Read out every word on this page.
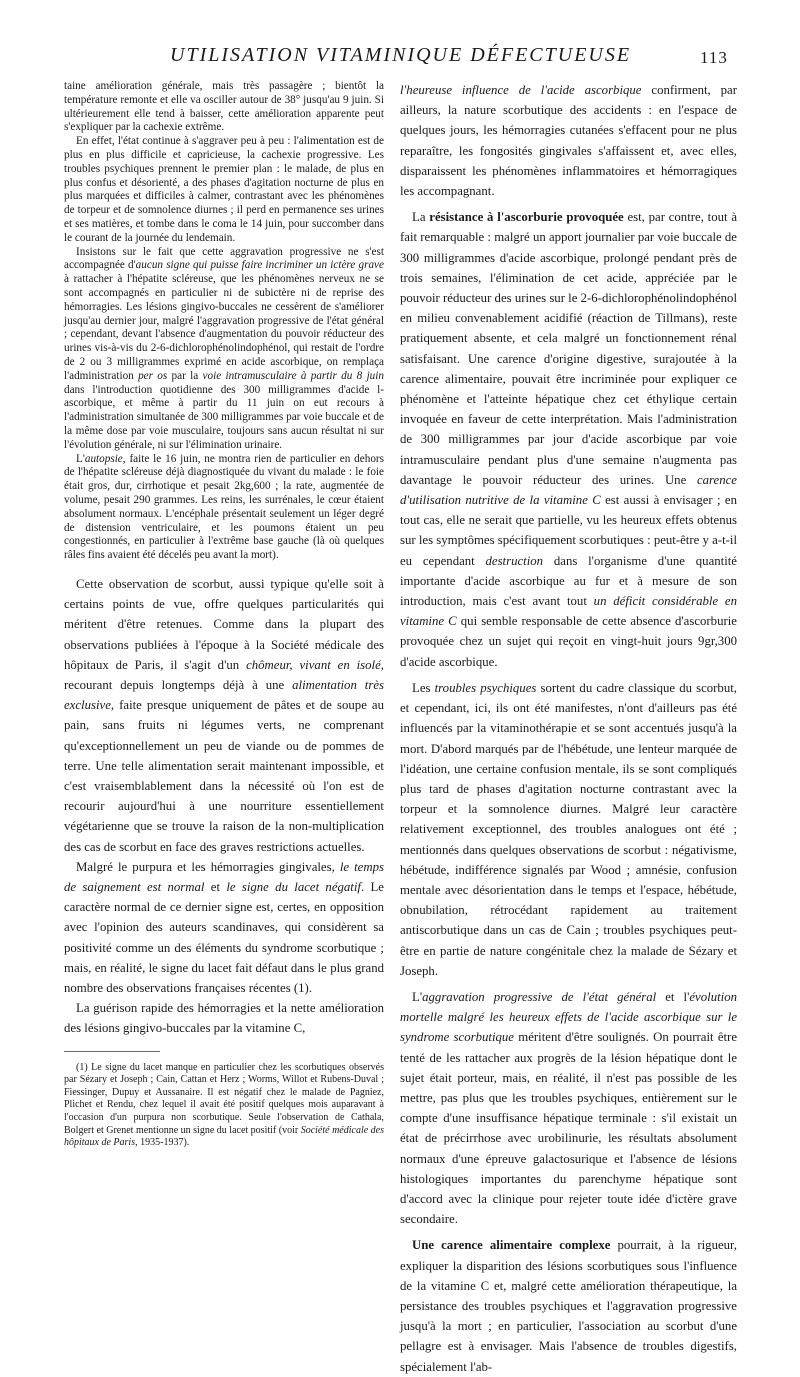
UTILISATION VITAMINIQUE DÉFECTUEUSE	113

taine amélioration générale, mais très passagère ; bientôt la température remonte et elle va osciller autour de 38° jusqu'au 9 juin. Si ultérieurement elle tend à baisser, cette amélioration apparente peut s'expliquer par la cachexie extrême.

En effet, l'état continue à s'aggraver peu à peu : l'alimentation est de plus en plus difficile et capricieuse, la cachexie progressive. Les troubles psychiques prennent le premier plan : le malade, de plus en plus confus et désorienté, a des phases d'agitation nocturne de plus en plus marquées et difficiles à calmer, contrastant avec les phénomènes de torpeur et de somnolence diurnes ; il perd en permanence ses urines et ses matières, et tombe dans le coma le 14 juin, pour succomber dans le courant de la journée du lendemain.

Insistons sur le fait que cette aggravation progressive ne s'est accompagnée d'aucun signe qui puisse faire incriminer un ictère grave à rattacher à l'hépatite scléreuse, que les phénomènes nerveux ne se sont accompagnés en particulier ni de subictère ni de reprise des hémorragies. Les lésions gingivo-buccales ne cessèrent de s'améliorer jusqu'au dernier jour, malgré l'aggravation progressive de l'état général ; cependant, devant l'absence d'augmentation du pouvoir réducteur des urines vis-à-vis du 2-6-dichlorophénolindophénol, qui restait de l'ordre de 2 ou 3 milligrammes exprimé en acide ascorbique, on remplaça l'administration per os par la voie intramusculaire à partir du 8 juin dans l'introduction quotidienne des 300 milligrammes d'acide l-ascorbique, et même à partir du 11 juin on eut recours à l'administration simultanée de 300 milligrammes par voie buccale et de la même dose par voie musculaire, toujours sans aucun résultat ni sur l'évolution générale, ni sur l'élimination urinaire.

L'autopsie, faite le 16 juin, ne montra rien de particulier en dehors de l'hépatite scléreuse déjà diagnostiquée du vivant du malade : le foie était gros, dur, cirrhotique et pesait 2kg,600 ; la rate, augmentée de volume, pesait 290 grammes. Les reins, les surrénales, le cœur étaient absolument normaux. L'encéphale présentait seulement un léger degré de distension ventriculaire, et les poumons étaient un peu congestionnés, en particulier à l'extrême base gauche (là où quelques râles fins avaient été décelés peu avant la mort).

Cette observation de scorbut, aussi typique qu'elle soit à certains points de vue, offre quelques particularités qui méritent d'être retenues. Comme dans la plupart des observations publiées à l'époque à la Société médicale des hôpitaux de Paris, il s'agit d'un chômeur, vivant en isolé, recourant depuis longtemps déjà à une alimentation très exclusive, faite presque uniquement de pâtes et de soupe au pain, sans fruits ni légumes verts, ne comprenant qu'exceptionnellement un peu de viande ou de pommes de terre. Une telle alimentation serait maintenant impossible, et c'est vraisemblablement dans la nécessité où l'on est de recourir aujourd'hui à une nourriture essentiellement végétarienne que se trouve la raison de la non-multiplication des cas de scorbut en face des graves restrictions actuelles.

Malgré le purpura et les hémorragies gingivales, le temps de saignement est normal et le signe du lacet négatif. Le caractère normal de ce dernier signe est, certes, en opposition avec l'opinion des auteurs scandinaves, qui considèrent sa positivité comme un des éléments du syndrome scorbutique ; mais, en réalité, le signe du lacet fait défaut dans le plus grand nombre des observations françaises récentes (1).

La guérison rapide des hémorragies et la nette amélioration des lésions gingivo-buccales par la vitamine C,

(1) Le signe du lacet manque en particulier chez les scorbutiques observés par Sézary et Joseph ; Cain, Cattan et Herz ; Worms, Willot et Rubens-Duval ; Fiessinger, Dupuy et Aussanaire. Il est négatif chez le malade de Pagniez, Plichet et Rendu, chez lequel il avait été positif quelques mois auparavant à l'occasion d'un purpura non scorbutique. Seule l'observation de Cathala, Bolgert et Grenet mentionne un signe du lacet positif (voir Société médicale des hôpitaux de Paris, 1935-1937).

l'heureuse influence de l'acide ascorbique confirment, par ailleurs, la nature scorbutique des accidents : en l'espace de quelques jours, les hémorragies cutanées s'effacent pour ne plus reparaître, les fongosités gingivales s'affaissent et, avec elles, disparaissent les phénomènes inflammatoires et hémorragiques les accompagnant.

La résistance à l'ascorburie provoquée est, par contre, tout à fait remarquable : malgré un apport journalier par voie buccale de 300 milligrammes d'acide ascorbique, prolongé pendant près de trois semaines, l'élimination de cet acide, appréciée par le pouvoir réducteur des urines sur le 2-6-dichlorophénolindophénol en milieu convenablement acidifié (réaction de Tillmans), reste pratiquement absente, et cela malgré un fonctionnement rénal satisfaisant. Une carence d'origine digestive, surajoutée à la carence alimentaire, pouvait être incriminée pour expliquer ce phénomène et l'atteinte hépatique chez cet éthylique certain invoquée en faveur de cette interprétation. Mais l'administration de 300 milligrammes par jour d'acide ascorbique par voie intramusculaire pendant plus d'une semaine n'augmenta pas davantage le pouvoir réducteur des urines. Une carence d'utilisation nutritive de la vitamine C est aussi à envisager ; en tout cas, elle ne serait que partielle, vu les heureux effets obtenus sur les symptômes spécifiquement scorbutiques : peut-être y a-t-il eu cependant destruction dans l'organisme d'une quantité importante d'acide ascorbique au fur et à mesure de son introduction, mais c'est avant tout un déficit considérable en vitamine C qui semble responsable de cette absence d'ascorburie provoquée chez un sujet qui reçoit en vingt-huit jours 9gr,300 d'acide ascorbique.

Les troubles psychiques sortent du cadre classique du scorbut, et cependant, ici, ils ont été manifestes, n'ont d'ailleurs pas été influencés par la vitaminothérapie et se sont accentués jusqu'à la mort. D'abord marqués par de l'hébétude, une lenteur marquée de l'idéation, une certaine confusion mentale, ils se sont compliqués plus tard de phases d'agitation nocturne contrastant avec la torpeur et la somnolence diurnes. Malgré leur caractère relativement exceptionnel, des troubles analogues ont été ; mentionnés dans quelques observations de scorbut : négativisme, hébétude, indifférence signalés par Wood ; amnésie, confusion mentale avec désorientation dans le temps et l'espace, hébétude, obnubilation, rétrocédant rapidement au traitement antiscorbutique dans un cas de Cain ; troubles psychiques peut-être en partie de nature congénitale chez la malade de Sézary et Joseph.

L'aggravation progressive de l'état général et l'évolution mortelle malgré les heureux effets de l'acide ascorbique sur le syndrome scorbutique méritent d'être soulignés. On pourrait être tenté de les rattacher aux progrès de la lésion hépatique dont le sujet était porteur, mais, en réalité, il n'est pas possible de les mettre, pas plus que les troubles psychiques, entièrement sur le compte d'une insuffisance hépatique terminale : s'il existait un état de précirrhose avec urobilinurie, les résultats absolument normaux d'une épreuve galactosurique et l'absence de lésions histologiques importantes du parenchyme hépatique sont d'accord avec la clinique pour rejeter toute idée d'ictère grave secondaire.

Une carence alimentaire complexe pourrait, à la rigueur, expliquer la disparition des lésions scorbutiques sous l'influence de la vitamine C et, malgré cette amélioration thérapeutique, la persistance des troubles psychiques et l'aggravation progressive jusqu'à la mort ; en particulier, l'association au scorbut d'une pellagre est à envisager. Mais l'absence de troubles digestifs, spécialement l'ab-
